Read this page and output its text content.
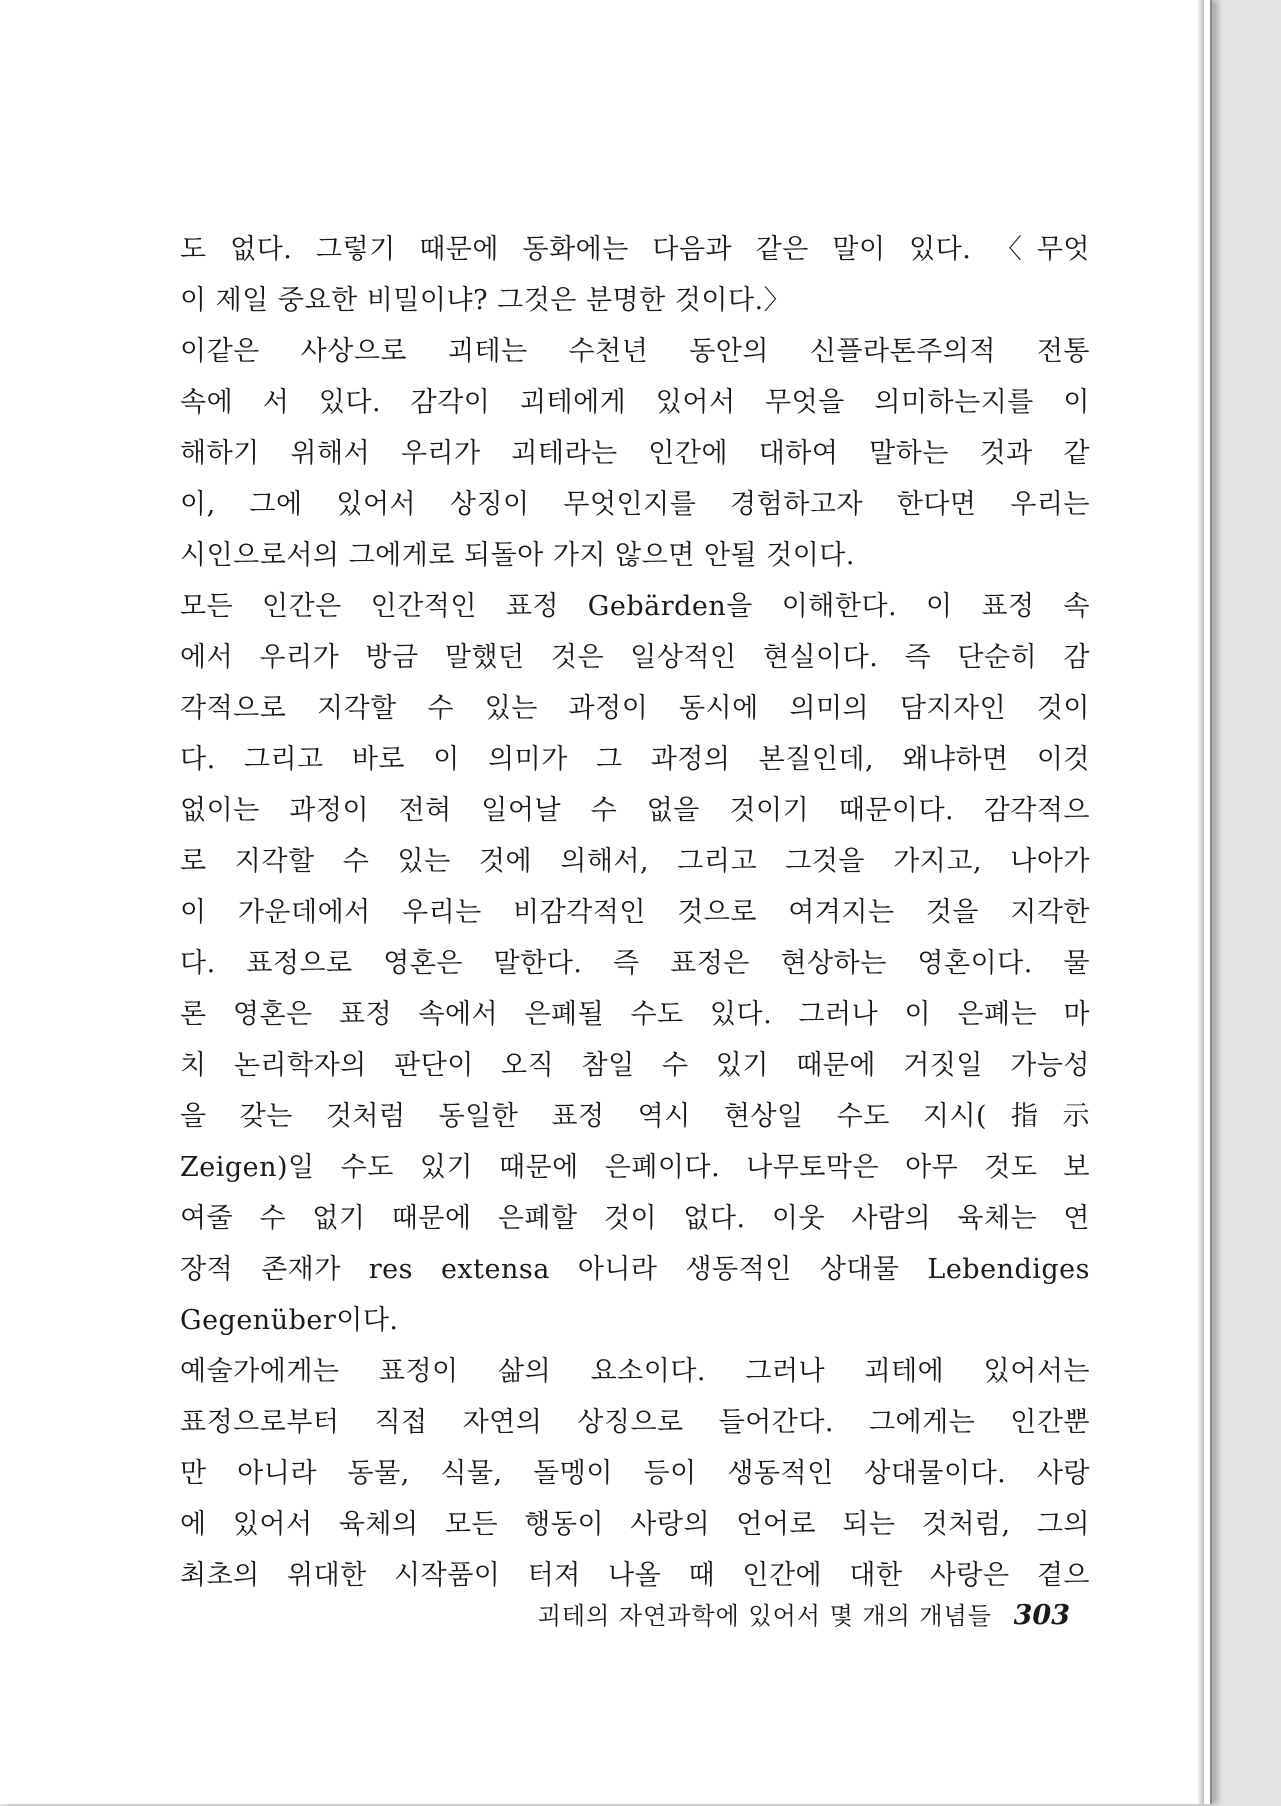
도 없다. 그렇기 때문에 동화에는 다음과 같은 말이 있다. 〈무엇
이 제일 중요한 비밀이냐? 그것은 분명한 것이다.〉
이같은 사상으로 괴테는 수천년 동안의 신플라톤주의적 전통
속에 서 있다. 감각이 괴테에게 있어서 무엇을 의미하는지를 이
해하기 위해서 우리가 괴테라는 인간에 대하여 말하는 것과 같
이, 그에 있어서 상징이 무엇인지를 경험하고자 한다면 우리는
시인으로서의 그에게로 되돌아 가지 않으면 안될 것이다.
모든 인간은 인간적인 표정 Gebärden을 이해한다. 이 표정 속
에서 우리가 방금 말했던 것은 일상적인 현실이다. 즉 단순히 감
각적으로 지각할 수 있는 과정이 동시에 의미의 담지자인 것이
다. 그리고 바로 이 의미가 그 과정의 본질인데, 왜냐하면 이것
없이는 과정이 전혀 일어날 수 없을 것이기 때문이다. 감각적으
로 지각할 수 있는 것에 의해서, 그리고 그것을 가지고, 나아가
이 가운데에서 우리는 비감각적인 것으로 여겨지는 것을 지각한
다. 표정으로 영혼은 말한다. 즉 표정은 현상하는 영혼이다. 물
론 영혼은 표정 속에서 은폐될 수도 있다. 그러나 이 은폐는 마
치 논리학자의 판단이 오직 참일 수 있기 때문에 거짓일 가능성
을 갖는 것처럼 동일한 표정 역시 현상일 수도 지시(指示
Zeigen)일 수도 있기 때문에 은폐이다. 나무토막은 아무 것도 보
여줄 수 없기 때문에 은폐할 것이 없다. 이웃 사람의 육체는 연
장적 존재가 res extensa 아니라 생동적인 상대물 Lebendiges
Gegenüber이다.
예술가에게는 표정이 삶의 요소이다. 그러나 괴테에 있어서는
표정으로부터 직접 자연의 상징으로 들어간다. 그에게는 인간뿐
만 아니라 동물, 식물, 돌멩이 등이 생동적인 상대물이다. 사랑
에 있어서 육체의 모든 행동이 사랑의 언어로 되는 것처럼, 그의
최초의 위대한 시작품이 터져 나올 때 인간에 대한 사랑은 곁으
괴테의 자연과학에 있어서 몇 개의 개념들 303
